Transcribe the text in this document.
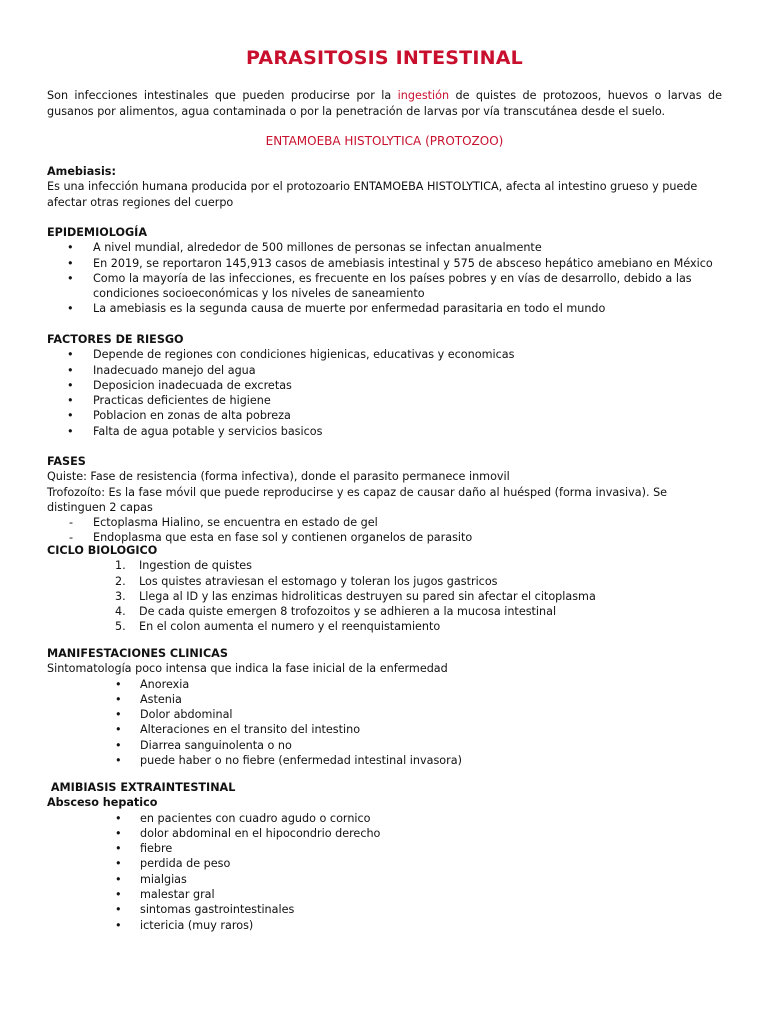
PARASITOSIS INTESTINAL

Son infecciones intestinales que pueden producirse por la ingestión de quistes de protozoos, huevos o larvas de gusanos por alimentos, agua contaminada o por la penetración de larvas por vía transcutánea desde el suelo.

ENTAMOEBA HISTOLYTICA (PROTOZOO)
Amebiasis:
Es una infección humana producida por el protozoario ENTAMOEBA HISTOLYTICA, afecta al intestino grueso y puede afectar otras regiones del cuerpo
EPIDEMIOLOGÍA
• A nivel mundial, alrededor de 500 millones de personas se infectan anualmente
• En 2019, se reportaron 145,913 casos de amebiasis intestinal y 575 de absceso hepático amebiano en México
• Como la mayoría de las infecciones, es frecuente en los países pobres y en vías de desarrollo, debido a las condiciones socioeconómicas y los niveles de saneamiento
• La amebiasis es la segunda causa de muerte por enfermedad parasitaria en todo el mundo
FACTORES DE RIESGO
• Depende de regiones con condiciones higienicas, educativas y economicas
• Inadecuado manejo del agua
• Deposicion inadecuada de excretas
• Practicas deficientes de higiene
• Poblacion en zonas de alta pobreza
• Falta de agua potable y servicios basicos
FASES
Quiste: Fase de resistencia (forma infectiva), donde el parasito permanece inmovil
Trofozoíto: Es la fase móvil que puede reproducirse y es capaz de causar daño al huésped (forma invasiva). Se distinguen 2 capas
- Ectoplasma Hialino, se encuentra en estado de gel
- Endoplasma que esta en fase sol y contienen organelos de parasito
CICLO BIOLOGICO
1. Ingestion de quistes
2. Los quistes atraviesan el estomago y toleran los jugos gastricos
3. Llega al ID y las enzimas hidroliticas destruyen su pared sin afectar el citoplasma
4. De cada quiste emergen 8 trofozoitos y se adhieren a la mucosa intestinal
5. En el colon aumenta el numero y el reenquistamiento
MANIFESTACIONES CLINICAS
Sintomatología poco intensa que indica la fase inicial de la enfermedad
• Anorexia
• Astenia
• Dolor abdominal
• Alteraciones en el transito del intestino
• Diarrea sanguinolenta o no
• puede haber o no fiebre (enfermedad intestinal invasora)
AMIBIASIS EXTRAINTESTINAL
Absceso hepatico
• en pacientes con cuadro agudo o cornico
• dolor abdominal en el hipocondrio derecho
• fiebre
• perdida de peso
• mialgias
• malestar gral
• sintomas gastrointestinales
• ictericia (muy raros)
